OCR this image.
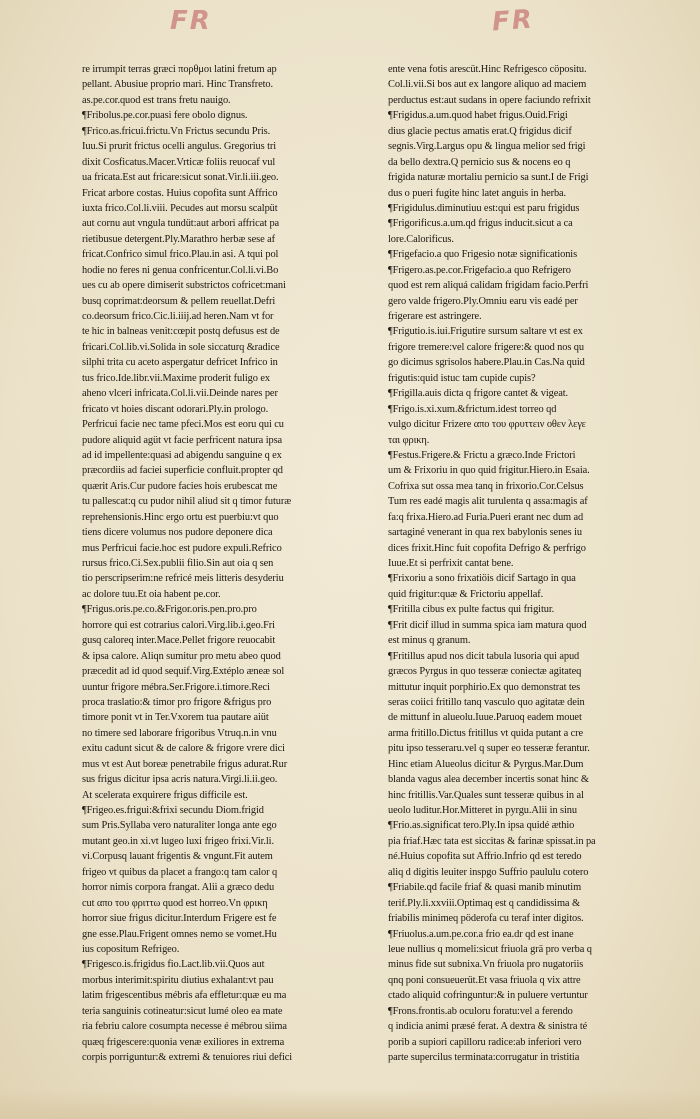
FR	FR
re irrumpit terras græci πορθμοι latini fretum ap
pellant. Abusiue proprio mari. Hinc Transfreto.
as.pe.cor.quod est trans fretu nauigo.
¶Fribolus.pe.cor.puasi fere obolo dignus.
¶Frico.as.fricui.frictu.Vn Frictus secundu Pris.
Iuu.Si prurit frictus ocelli angulus. Gregorius tri
dixit Cosficatus.Macer.Vrticæ foliis reuocaf vul
ua fricata.Est aut fricare:sicut sonat.Vir.li.iii.geo.
Fricat arbore costas. Huius copofita sunt Affrico
iuxta frico.Col.li.viii. Pecudes aut morsu scalpüt
aut cornu aut vngula tundüt:aut arbori affricat pa
rietibusue detergent.Ply.Marathro herbæ sese af
fricat.Confrico simul frico.Plau.in asi. A tqui pol
hodie no feres ni genua confricentur.Col.li.vi.Bo
ues cu ab opere dimiserit substrictos cofricet:mani
busq coprimat:deorsum & pellem reuellat.Defri
co.deorsum frico.Cic.li.iiij.ad heren.Nam vt for
te hic in balneas venit:cœpit postq defusus est de
fricari.Col.lib.vi.Solida in sole siccaturq &radice
silphi trita cu aceto aspergatur defricet Infrico in
tus frico.Ide.libr.vii.Maxime proderit fuligo ex
aheno vlceri infricata.Col.li.vii.Deinde nares per
fricato vt hoies discant odorari.Ply.in prologo.
Perfricui facie nec tame pfeci.Mos est eoru qui cu
pudore aliquid agüt vt facie perfricent natura ipsa
ad id impellente:quasi ad abigendu sanguine q ex
præcordiis ad faciei superficie confluit.propter qd
quærit Aris.Cur pudore facies hois erubescat me
tu pallescat:q cu pudor nihil aliud sit q timor futuræ
reprehensionis.Hinc ergo ortu est puerbiu:vt quo
tiens dicere volumus nos pudore deponere dica
mus Perfricui facie.hoc est pudore expuli.Refrico
rursus frico.Ci.Sex.publii filio.Sin aut oia q sen
tio perscripserim:ne refricé meis litteris desyderiu
ac dolore tuu.Et oia habent pe.cor.
¶Frigus.oris.pe.co.&Frigor.oris.pen.pro.pro
horrore qui est cotrarius calori.Virg.lib.i.geo.Fri
gusq caloreq inter.Mace.Pellet frigore reuocabit
& ipsa calore. Aliqn sumitur pro metu abeo quod
præcedit ad id quod sequif.Virg.Extéplo æneæ sol
uuntur frigore mébra.Ser.Frigore.i.timore.Reci
proca traslatio:& timor pro frigore &frigus pro
timore ponit vt in Ter.Vxorem tua pautare aiüt
no timere sed laborare frigoribus Vtruq.n.in vnu
exitu cadunt sicut & de calore & frigore vrere dici
mus vt est Aut boreæ penetrabile frigus adurat.Rur
sus frigus dicitur ipsa acris natura.Virgi.li.ii.geo.
At scelerata exquirere frigus difficile est.
¶Frigeo.es.frigui:&frixi secundu Diom.frigid
sum Pris.Syllaba vero naturaliter longa ante ego
mutant geo.in xi.vt lugeo luxi frigeo frixi.Vir.li.
vi.Corpusq lauant frigentis & vngunt.Fit autem
frigeo vt quibus da placet a frango:q tam calor q
horror nimis corpora frangat. Alii a græco dedu
cut απο του φριττω quod est horreo.Vn φρικη
horror siue frigus dicitur.Interdum Frigere est fe
gne esse.Plau.Frigent omnes nemo se vomet.Hu
ius copositum Refrigeo.
¶Frigesco.is.frigidus fio.Lact.lib.vii.Quos aut
morbus interimit:spiritu diutius exhalant:vt pau
latim frigescentibus mébris afa effletur:quæ eu ma
teria sanguinis cotineatur:sicut lumé oleo ea mate
ria febriu calore cosumpta necesse é mébrou siima
quæq frigescere:quonia venæ exiliores in extrema
corpis porriguntur:& extremi & tenuiores riui defici
ente vena fotis arescüt.Hinc Refrigesco cöpositu.
Col.li.vii.Si bos aut ex langore aliquo ad maciem
perductus est:aut sudans in opere faciundo refrixit
¶Frigidus.a.um.quod habet frigus.Ouid.Frigi
dius glacie pectus amatis erat.Q frigidus dicif
segnis.Virg.Largus opu & lingua melior sed frigi
da bello dextra.Q pernicio sus & nocens eo q
frigida naturæ mortaliu pernicio sa sunt.I de Frigi
dus o pueri fugite hinc latet anguis in herba.
¶Frigidulus.diminutiuu est:qui est paru frigidus
¶Frigorificus.a.um.qd frigus inducit.sicut a ca
lore.Calorificus.
¶Frigefacio.a quo Frigesio notæ significationis
¶Frigero.as.pe.cor.Frigefacio.a quo Refrigero
quod est rem aliquá calidam frigidam facio.Perfri
gero valde frigero.Ply.Omniu earu vis eadé per
frigerare est astringere.
¶Frigutio.is.iui.Frigutire sursum saltare vt est ex
frigore tremere:vel calore frigere:& quod nos qu
go dicimus sgrisolos habere.Plau.in Cas.Na quid
frigutis:quid istuc tam cupide cupis?
¶Frigilla.auis dicta q frigore cantet & vigeat.
¶Frigo.is.xi.xum.&frictum.idest torreo qd
vulgo dicitur Frizere απο του φρυττειν οθεν λεγε
ται φρικη.
¶Festus.Frigere.& Frictu a græco.Inde Frictori
um & Frixoriu in quo quid frigitur.Hiero.in Esaia.
Cofrixa sut ossa mea tanq in frixorio.Cor.Celsus
Tum res eadé magis alit turulenta q assa:magis af
fa:q frixa.Hiero.ad Furia.Pueri erant nec dum ad
sartaginé venerant in qua rex babylonis senes iu
dices frixit.Hinc fuit copofita Defrigo & perfrigo
Iuue.Et si perfrixit cantat bene.
¶Frixoriu a sono frixatiöis dicif Sartago in qua
quid frigitur:quæ & Frictoriu appellaf.
¶Fritilla cibus ex pulte factus qui frigitur.
¶Frit dicif illud in summa spica iam matura quod
est minus q granum.
¶Fritillus apud nos dicit tabula lusoria qui apud
græcos Pyrgus in quo tesseræ coniectæ agitateq
mittutur inquit porphirio.Ex quo demonstrat tes
seras coiici fritillo tanq vasculo quo agitatæ dein
de mittunf in alueolu.Iuue.Paruoq eadem mouet
arma fritillo.Dictus fritillus vt quida putant a cre
pitu ipso tesseraru.vel q super eo tesseræ ferantur.
Hinc etiam Alueolus dicitur & Pyrgus.Mar.Dum
blanda vagus alea december incertis sonat hinc &
hinc fritillis.Var.Quales sunt tesseræ quibus in al
ueolo luditur.Hor.Mitteret in pyrgu.Alii in sinu
¶Frio.as.significat tero.Ply.In ipsa quidé æthio
pia friaf.Hæc tata est siccitas & farinæ spissat.in pa
né.Huius copofita sut Affrio.Infrio qd est teredo
aliq d digitis leuiter inspgo Suffrio paululu cotero
¶Friabile.qd facile friaf & quasi manib minutim
terif.Ply.li.xxviii.Optimaq est q candidissima &
friabilis minimeq pöderofa cu teraf inter digitos.
¶Friuolus.a.um.pe.cor.a frio ea.dr qd est inane
leue nullius q momeli:sicut friuola grä pro verba q
minus fide sut subnixa.Vn friuola pro nugatoriis
qnq poni consueuerüt.Et vasa friuola q vix attre
ctado aliquid cofringuntur:& in puluere vertuntur
¶Frons.frontis.ab oculoru foratu:vel a ferendo
q indicia animi præsé ferat. A dextra & sinistra té
porib a supiori capilloru radice:ab inferiori vero
parte supercilus terminata:corrugatur in tristitia
